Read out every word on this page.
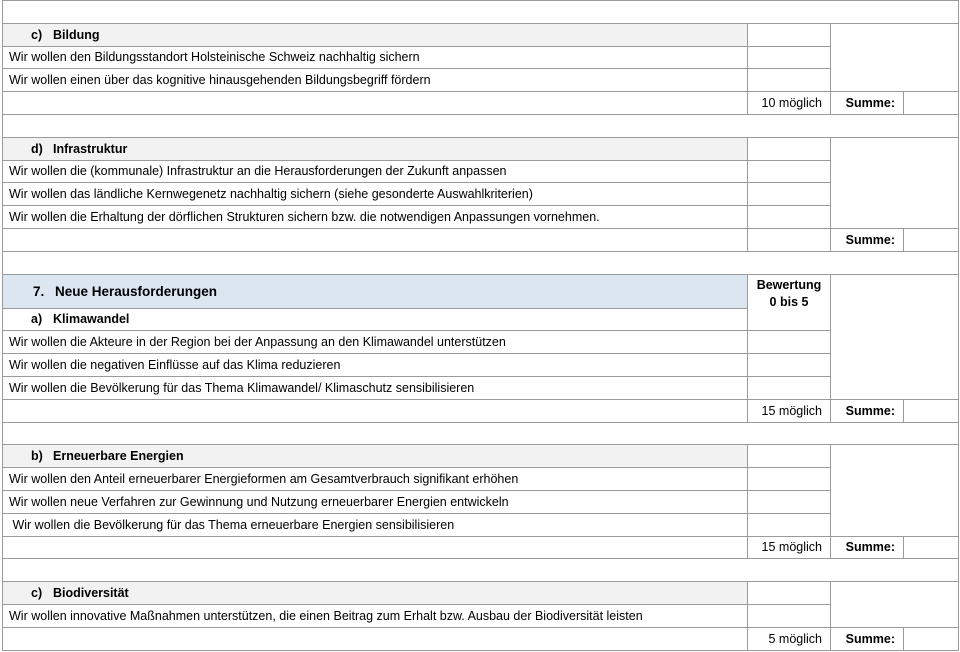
c) Bildung			
Wir wollen den Bildungsstandort Holsteinische Schweiz nachhaltig sichern			
Wir wollen einen über das kognitive hinausgehenden Bildungsbegriff fördern			
	10 möglich	Summe:	

d) Infrastruktur			
Wir wollen die (kommunale) Infrastruktur an die Herausforderungen der Zukunft anpassen			
Wir wollen das ländliche Kernwegenetz nachhaltig sichern (siehe gesonderte Auswahlkriterien)			
Wir wollen die Erhaltung der dörflichen Strukturen sichern bzw. die notwendigen Anpassungen vornehmen.			
		Summe:	

7. Neue Herausforderungen	Bewertung
0 bis 5		
a) Klimawandel			
Wir wollen die Akteure in der Region bei der Anpassung an den Klimawandel unterstützen			
Wir wollen die negativen Einflüsse auf das Klima reduzieren			
Wir wollen die Bevölkerung für das Thema Klimawandel/ Klimaschutz sensibilisieren			
	15 möglich	Summe:	

b) Erneuerbare Energien			
Wir wollen den Anteil erneuerbarer Energieformen am Gesamtverbrauch signifikant erhöhen			
Wir wollen neue Verfahren zur Gewinnung und Nutzung erneuerbarer Energien entwickeln			
Wir wollen die Bevölkerung für das Thema erneuerbare Energien sensibilisieren			
	15 möglich	Summe:	

c) Biodiversität			
Wir wollen innovative Maßnahmen unterstützen, die einen Beitrag zum Erhalt bzw. Ausbau der Biodiversität leisten			
	5 möglich	Summe:	
